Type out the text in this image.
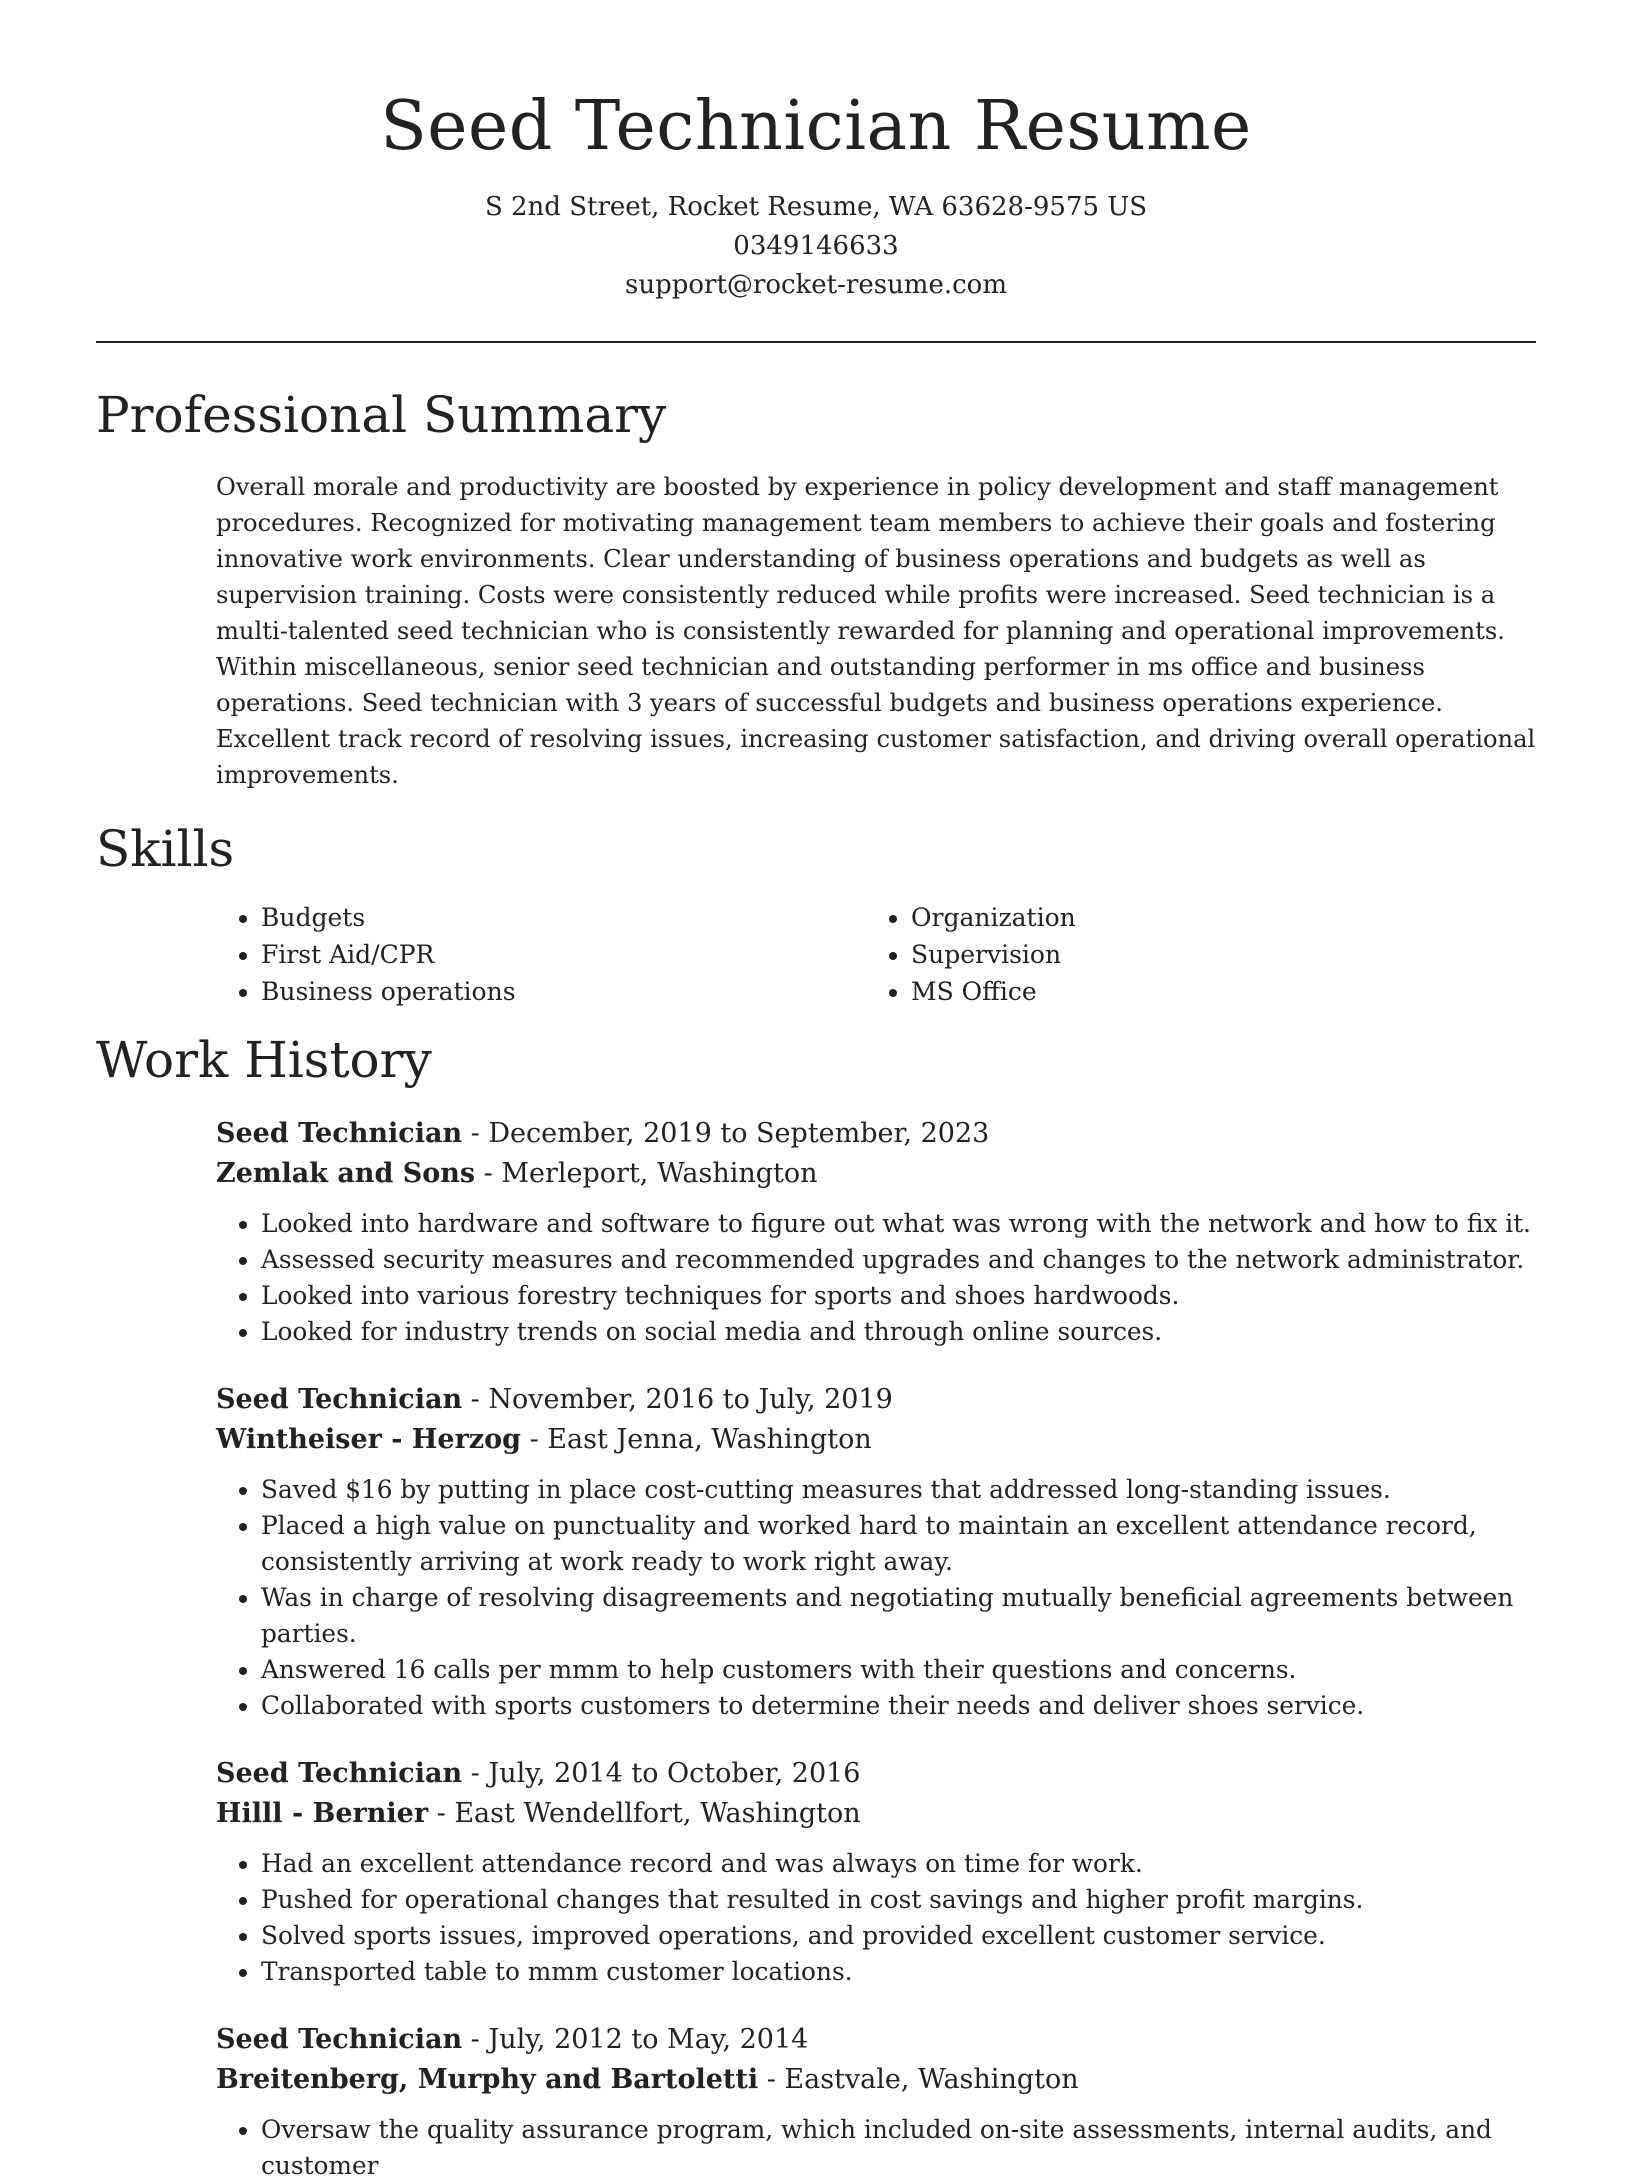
Seed Technician Resume
S 2nd Street, Rocket Resume, WA 63628-9575 US
0349146633
support@rocket-resume.com
Professional Summary
Overall morale and productivity are boosted by experience in policy development and staff management procedures. Recognized for motivating management team members to achieve their goals and fostering innovative work environments. Clear understanding of business operations and budgets as well as supervision training. Costs were consistently reduced while profits were increased. Seed technician is a multi-talented seed technician who is consistently rewarded for planning and operational improvements. Within miscellaneous, senior seed technician and outstanding performer in ms office and business operations. Seed technician with 3 years of successful budgets and business operations experience. Excellent track record of resolving issues, increasing customer satisfaction, and driving overall operational improvements.
Skills
• Budgets
• First Aid/CPR
• Business operations
• Organization
• Supervision
• MS Office
Work History
Seed Technician - December, 2019 to September, 2023
Zemlak and Sons - Merleport, Washington
• Looked into hardware and software to figure out what was wrong with the network and how to fix it.
• Assessed security measures and recommended upgrades and changes to the network administrator.
• Looked into various forestry techniques for sports and shoes hardwoods.
• Looked for industry trends on social media and through online sources.
Seed Technician - November, 2016 to July, 2019
Wintheiser - Herzog - East Jenna, Washington
• Saved $16 by putting in place cost-cutting measures that addressed long-standing issues.
• Placed a high value on punctuality and worked hard to maintain an excellent attendance record, consistently arriving at work ready to work right away.
• Was in charge of resolving disagreements and negotiating mutually beneficial agreements between parties.
• Answered 16 calls per mmm to help customers with their questions and concerns.
• Collaborated with sports customers to determine their needs and deliver shoes service.
Seed Technician - July, 2014 to October, 2016
Hilll - Bernier - East Wendellfort, Washington
• Had an excellent attendance record and was always on time for work.
• Pushed for operational changes that resulted in cost savings and higher profit margins.
• Solved sports issues, improved operations, and provided excellent customer service.
• Transported table to mmm customer locations.
Seed Technician - July, 2012 to May, 2014
Breitenberg, Murphy and Bartoletti - Eastvale, Washington
• Oversaw the quality assurance program, which included on-site assessments, internal audits, and customer
